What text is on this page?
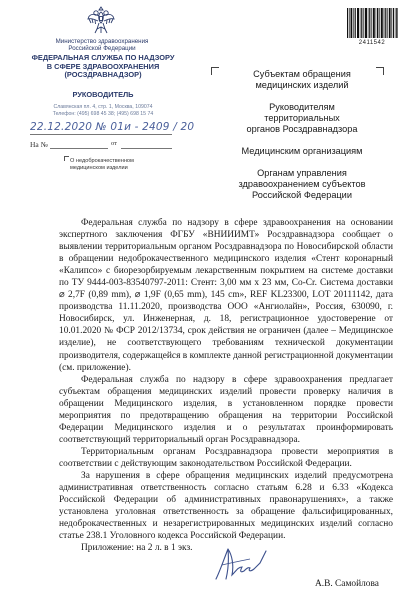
2411542
Министерство здравоохранения
Российской Федерации
ФЕДЕРАЛЬНАЯ СЛУЖБА ПО НАДЗОРУ
В СФЕРЕ ЗДРАВООХРАНЕНИЯ
(РОСЗДРАВНАДЗОР)
РУКОВОДИТЕЛЬ
Славянская пл. 4, стр. 1, Москва, 109074
Телефон: (495) 698 45 38; (495) 698 15 74
22.12.2020 № 01и - 2409 / 20
На №	от
Субъектам обращения
медицинских изделий
Руководителям
территориальных
органов Росздравнадзора
Медицинским организациям
Органам управления
здравоохранением субъектов
Российской Федерации
О недоброкачественном
медицинском изделии

Федеральная служба по надзору в сфере здравоохранения на основании экспертного заключения ФГБУ «ВНИИИМТ» Росздравнадзора сообщает о выявлении территориальным органом Росздравнадзора по Новосибирской области в обращении недоброкачественного медицинского изделия «Стент коронарный «Калипсо» с биорезорбируемым лекарственным покрытием на системе доставки по ТУ 9444-003-83540797-2011: Стент: 3,00 мм х 23 мм, Со-Cr. Система доставки ⌀ 2,7F (0,89 mm), ⌀ 1,9F (0,65 mm), 145 cm», REF KL23300, LOT 20111142, дата производства 11.11.2020, производства ООО «Ангиолайн», Россия, 630090, г. Новосибирск, ул. Инженерная, д. 18, регистрационное удостоверение от 10.01.2020 № ФСР 2012/13734, срок действия не ограничен (далее – Медицинское изделие), не соответствующего требованиям технической документации производителя, содержащейся в комплекте данной регистрационной документации (см. приложение).

Федеральная служба по надзору в сфере здравоохранения предлагает субъектам обращения медицинских изделий провести проверку наличия в обращении Медицинского изделия, в установленном порядке провести мероприятия по предотвращению обращения на территории Российской Федерации Медицинского изделия и о результатах проинформировать соответствующий территориальный орган Росздравнадзора.

Территориальным органам Росздравнадзора провести мероприятия в соответствии с действующим законодательством Российской Федерации.

За нарушения в сфере обращения медицинских изделий предусмотрена административная ответственность согласно статьям 6.28 и 6.33 «Кодекса Российской Федерации об административных правонарушениях», а также установлена уголовная ответственность за обращение фальсифицированных, недоброкачественных и незарегистрированных медицинских изделий согласно статье 238.1 Уголовного кодекса Российской Федерации.

Приложение: на 2 л. в 1 экз.

А.В. Самойлова
